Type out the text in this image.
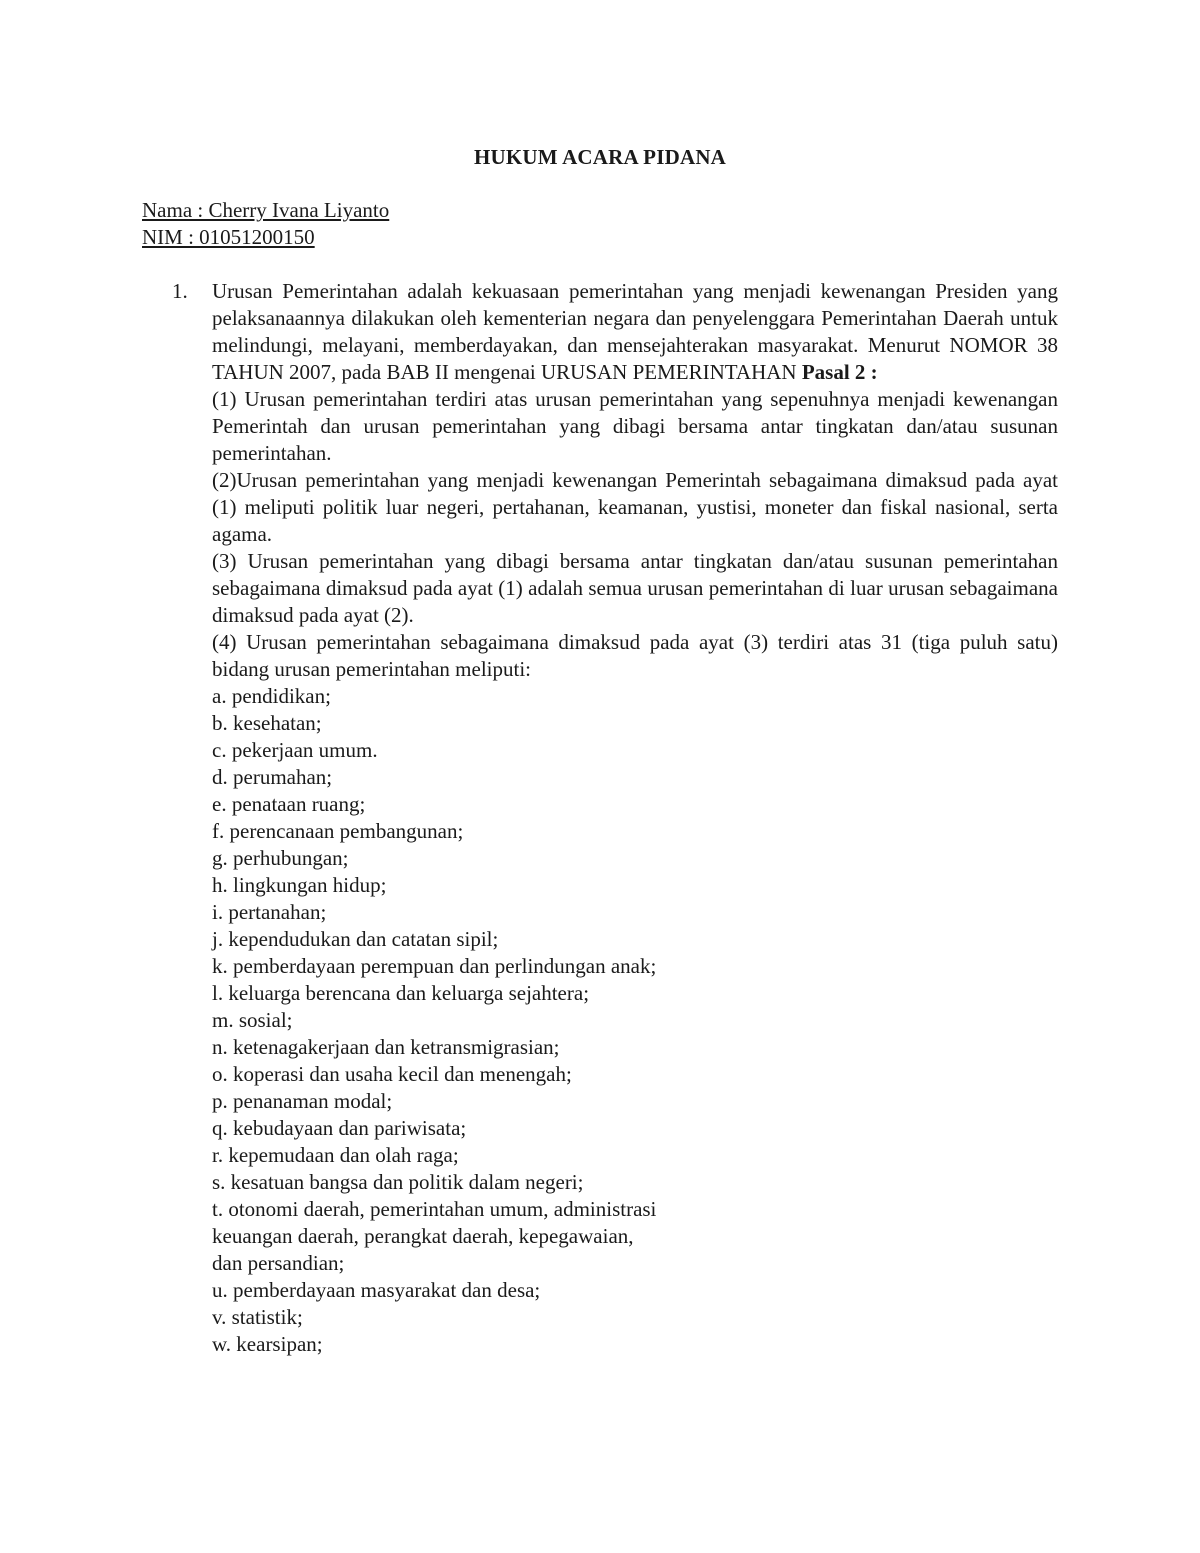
HUKUM ACARA PIDANA
Nama : Cherry Ivana Liyanto
NIM : 01051200150
1. Urusan Pemerintahan adalah kekuasaan pemerintahan yang menjadi kewenangan Presiden yang pelaksanaannya dilakukan oleh kementerian negara dan penyelenggara Pemerintahan Daerah untuk melindungi, melayani, memberdayakan, dan mensejahterakan masyarakat. Menurut NOMOR 38 TAHUN 2007, pada BAB II mengenai URUSAN PEMERINTAHAN Pasal 2 :

(1) Urusan pemerintahan terdiri atas urusan pemerintahan yang sepenuhnya menjadi kewenangan Pemerintah dan urusan pemerintahan yang dibagi bersama antar tingkatan dan/atau susunan pemerintahan.

(2)Urusan pemerintahan yang menjadi kewenangan Pemerintah sebagaimana dimaksud pada ayat (1) meliputi politik luar negeri, pertahanan, keamanan, yustisi, moneter dan fiskal nasional, serta agama.

(3) Urusan pemerintahan yang dibagi bersama antar tingkatan dan/atau susunan pemerintahan sebagaimana dimaksud pada ayat (1) adalah semua urusan pemerintahan di luar urusan sebagaimana dimaksud pada ayat (2).

(4) Urusan pemerintahan sebagaimana dimaksud pada ayat (3) terdiri atas 31 (tiga puluh satu) bidang urusan pemerintahan meliputi:

a. pendidikan;
b. kesehatan;
c. pekerjaan umum.
d. perumahan;
e. penataan ruang;
f. perencanaan pembangunan;
g. perhubungan;
h. lingkungan hidup;
i. pertanahan;
j. kependudukan dan catatan sipil;
k. pemberdayaan perempuan dan perlindungan anak;
l. keluarga berencana dan keluarga sejahtera;
m. sosial;
n. ketenagakerjaan dan ketransmigrasian;
o. koperasi dan usaha kecil dan menengah;
p. penanaman modal;
q. kebudayaan dan pariwisata;
r. kepemudaan dan olah raga;
s. kesatuan bangsa dan politik dalam negeri;
t. otonomi daerah, pemerintahan umum, administrasi
keuangan daerah, perangkat daerah, kepegawaian,
dan persandian;
u. pemberdayaan masyarakat dan desa;
v. statistik;
w. kearsipan;
